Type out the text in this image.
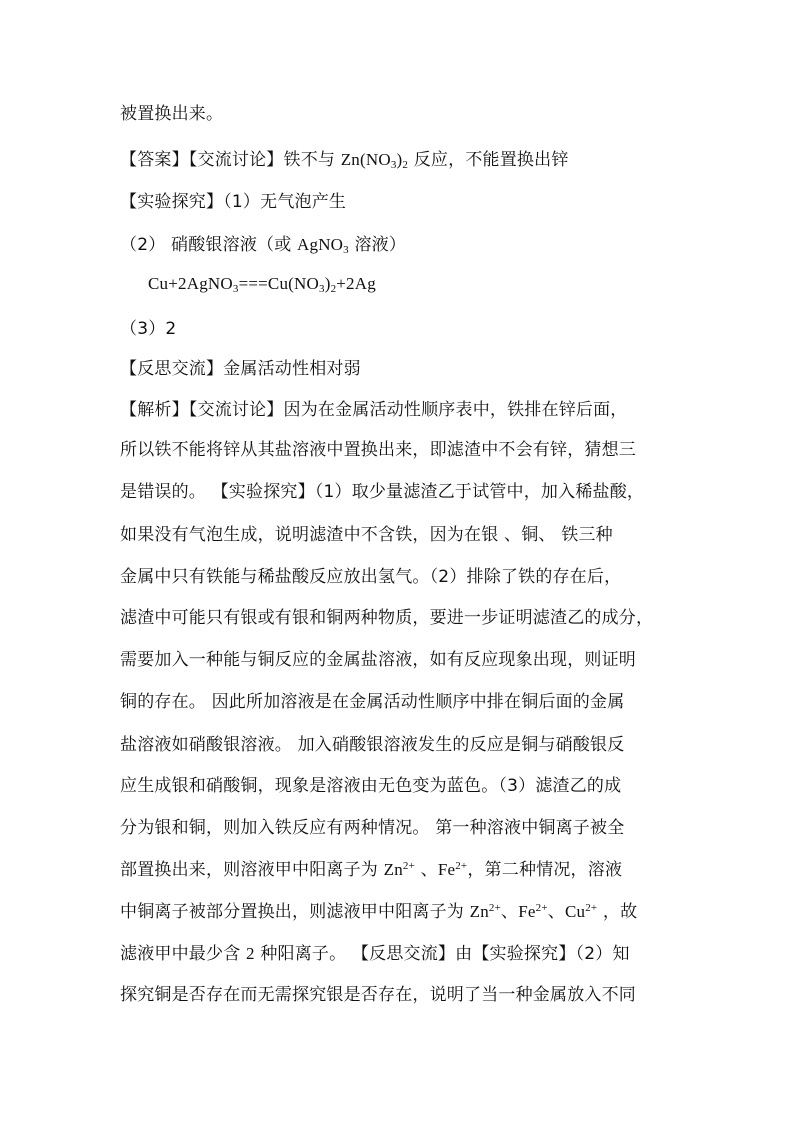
被置换出来。
【答案】【交流讨论】铁不与 $Zn(NO_3)_2$ 反应，不能置换出锌
【实验探究】（1）无气泡产生
（2） 硝酸银溶液（或 AgNO$_3$ 溶液）
$Cu+2AgNO_3===Cu(NO_3)_2+2Ag$
（3）2
【反思交流】金属活动性相对弱
【解析】【交流讨论】因为在金属活动性顺序表中，铁排在锌后面，
所以铁不能将锌从其盐溶液中置换出来，即滤渣中不会有锌，猜想三
是错误的。 【实验探究】（1）取少量滤渣乙于试管中，加入稀盐酸，
如果没有气泡生成，说明滤渣中不含铁，因为在银 、铜、 铁三种
金属中只有铁能与稀盐酸反应放出氢气。（2）排除了铁的存在后，
滤渣中可能只有银或有银和铜两种物质，要进一步证明滤渣乙的成分，
需要加入一种能与铜反应的金属盐溶液，如有反应现象出现，则证明
铜的存在。 因此所加溶液是在金属活动性顺序中排在铜后面的金属
盐溶液如硝酸银溶液。 加入硝酸银溶液发生的反应是铜与硝酸银反
应生成银和硝酸铜，现象是溶液由无色变为蓝色。（3）滤渣乙的成
分为银和铜，则加入铁反应有两种情况。 第一种溶液中铜离子被全
部置换出来，则溶液甲中阳离子为 $Zn^{2+}$ 、$Fe^{2+}$，第二种情况，溶液
中铜离子被部分置换出，则滤液甲中阳离子为 $Zn^{2+}$、$Fe^{2+}$、$Cu^{2+}$ ，故
滤液甲中最少含 2 种阳离子。 【反思交流】由【实验探究】（2）知
探究铜是否存在而无需探究银是否存在，说明了当一种金属放入不同
